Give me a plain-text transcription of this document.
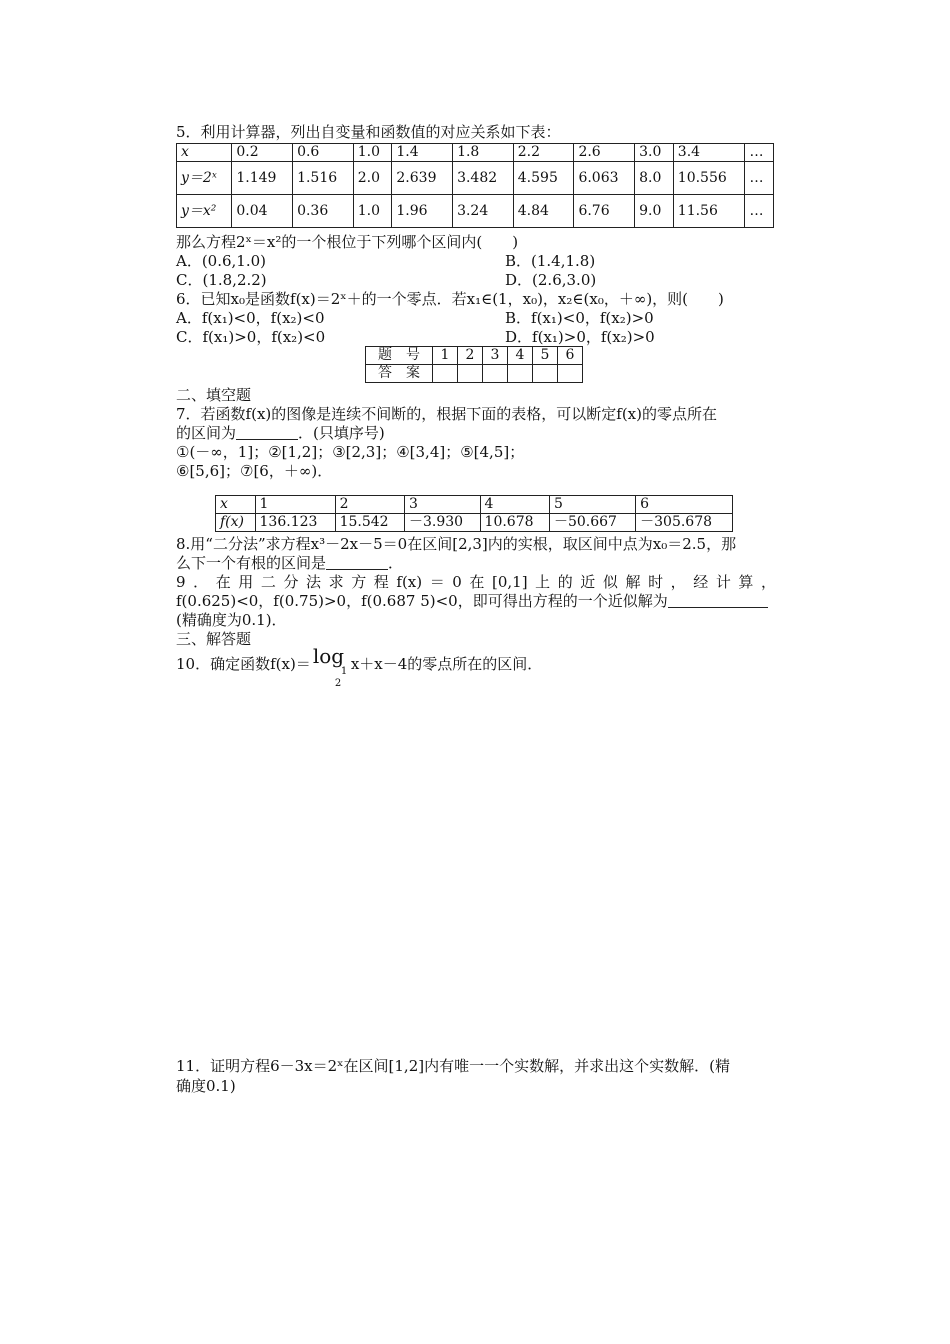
5．利用计算器，列出自变量和函数值的对应关系如下表：
x	0.2	0.6	1.0	1.4	1.8	2.2	2.6	3.0	3.4	…
y＝2ˣ	1.149	1.516	2.0	2.639	3.482	4.595	6.063	8.0	10.556	…
y＝x²	0.04	0.36	1.0	1.96	3.24	4.84	6.76	9.0	11.56	…
那么方程2ˣ＝x²的一个根位于下列哪个区间内(　　)
A．(0.6,1.0)	B．(1.4,1.8)
C．(1.8,2.2)	D．(2.6,3.0)
6．已知x₀是函数f(x)＝2ˣ＋的一个零点．若x₁∈(1，x₀)，x₂∈(x₀，＋∞)，则(　　)
A．f(x₁)<0，f(x₂)<0	B．f(x₁)<0，f(x₂)>0
C．f(x₁)>0，f(x₂)<0	D．f(x₁)>0，f(x₂)>0
题　号	1	2	3	4	5	6
答　案						
二、填空题
7．若函数f(x)的图像是连续不间断的，根据下面的表格，可以断定f(x)的零点所在
的区间为	．(只填序号)
①(－∞，1]；②[1,2]；③[2,3]；④[3,4]；⑤[4,5]；
⑥[5,6]；⑦[6，＋∞)．
x	1	2	3	4	5	6
f(x)	136.123	15.542	－3.930	10.678	－50.667	－305.678
8.用“二分法”求方程x³－2x－5＝0在区间[2,3]内的实根，取区间中点为x₀＝2.5，那
么下一个有根的区间是	．
9．在用二分法求方程f(x)＝0在[0,1]上的近似解时，经计算，
f(0.625)<0，f(0.75)>0，f(0.687 5)<0，即可得出方程的一个近似解为
(精确度为0.1)．
三、解答题
10．确定函数f(x)＝ log
1
2
x＋x－4的零点所在的区间．
11．证明方程6－3x＝2ˣ在区间[1,2]内有唯一一个实数解，并求出这个实数解．(精
确度0.1)
